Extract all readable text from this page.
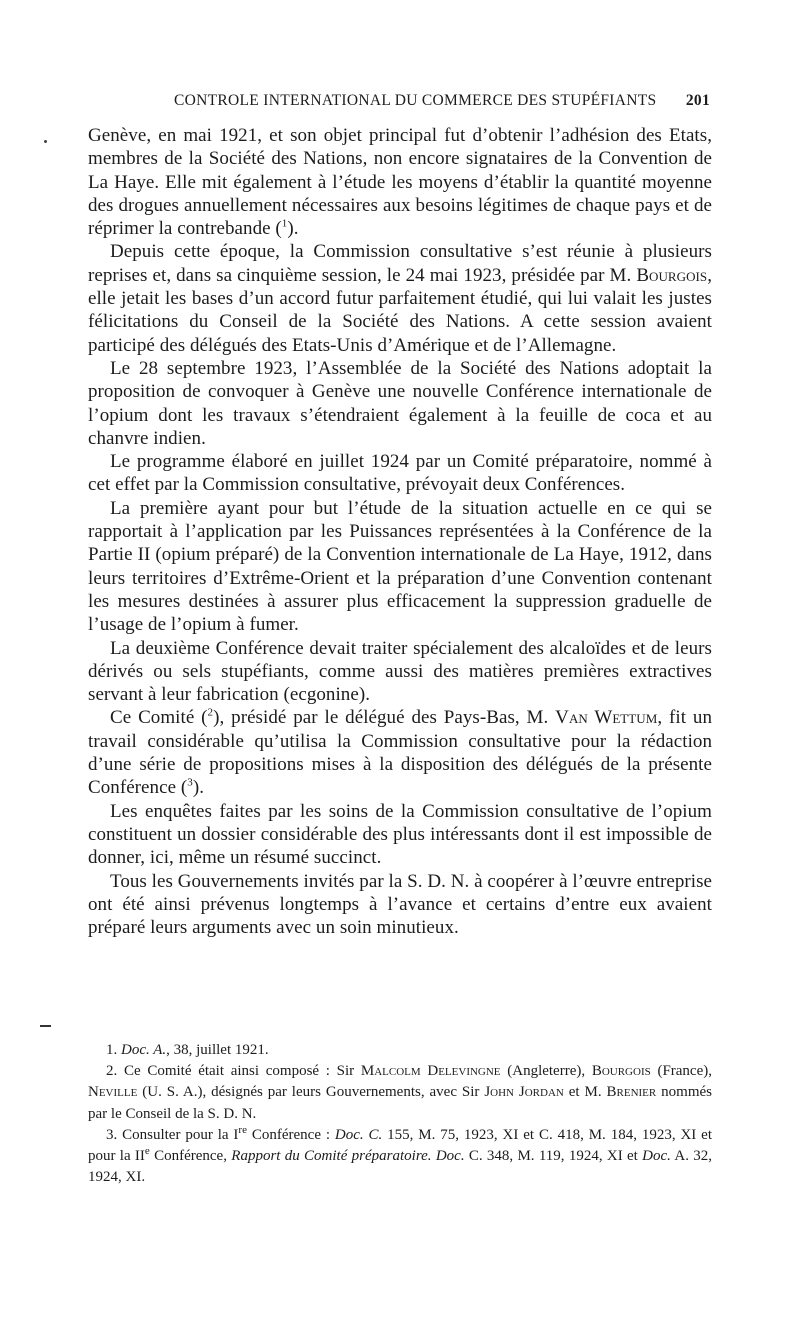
CONTROLE INTERNATIONAL DU COMMERCE DES STUPÉFIANTS 201

Genève, en mai 1921, et son objet principal fut d’obtenir l’adhésion des Etats, membres de la Société des Nations, non encore signataires de la Convention de La Haye. Elle mit également à l’étude les moyens d’établir la quantité moyenne des drogues annuellement nécessaires aux besoins légitimes de chaque pays et de réprimer la contrebande ($^1$).

Depuis cette époque, la Commission consultative s’est réunie à plusieurs reprises et, dans sa cinquième session, le 24 mai 1923, présidée par M. Bourgois, elle jetait les bases d’un accord futur parfaitement étudié, qui lui valait les justes félicitations du Conseil de la Société des Nations. A cette session avaient participé des délégués des Etats-Unis d’Amérique et de l’Allemagne.

Le 28 septembre 1923, l’Assemblée de la Société des Nations adoptait la proposition de convoquer à Genève une nouvelle Conférence internationale de l’opium dont les travaux s’étendraient également à la feuille de coca et au chanvre indien.

Le programme élaboré en juillet 1924 par un Comité préparatoire, nommé à cet effet par la Commission consultative, prévoyait deux Conférences.

La première ayant pour but l’étude de la situation actuelle en ce qui se rapportait à l’application par les Puissances représentées à la Conférence de la Partie II (opium préparé) de la Convention internationale de La Haye, 1912, dans leurs territoires d’Extrême-Orient et la préparation d’une Convention contenant les mesures destinées à assurer plus efficacement la suppression graduelle de l’usage de l’opium à fumer.

La deuxième Conférence devait traiter spécialement des alcaloïdes et de leurs dérivés ou sels stupéfiants, comme aussi des matières premières extractives servant à leur fabrication (ecgonine).

Ce Comité ($^2$), présidé par le délégué des Pays-Bas, M. Van Wettum, fit un travail considérable qu’utilisa la Commission consultative pour la rédaction d’une série de propositions mises à la disposition des délégués de la présente Conférence ($^3$).

Les enquêtes faites par les soins de la Commission consultative de l’opium constituent un dossier considérable des plus intéressants dont il est impossible de donner, ici, même un résumé succinct.

Tous les Gouvernements invités par la S. D. N. à coopérer à l’œuvre entreprise ont été ainsi prévenus longtemps à l’avance et certains d’entre eux avaient préparé leurs arguments avec un soin minutieux.

1. Doc. A., 38, juillet 1921.

2. Ce Comité était ainsi composé : Sir Malcolm Delevingne (Angleterre), Bourgois (France), Neville (U. S. A.), désignés par leurs Gouvernements, avec Sir John Jordan et M. Brenier nommés par le Conseil de la S. D. N.

3. Consulter pour la Ire Conférence : Doc. C. 155, M. 75, 1923, XI et C. 418, M. 184, 1923, XI et pour la IIe Conférence, Rapport du Comité préparatoire. Doc. C. 348, M. 119, 1924, XI et Doc. A. 32, 1924, XI.
